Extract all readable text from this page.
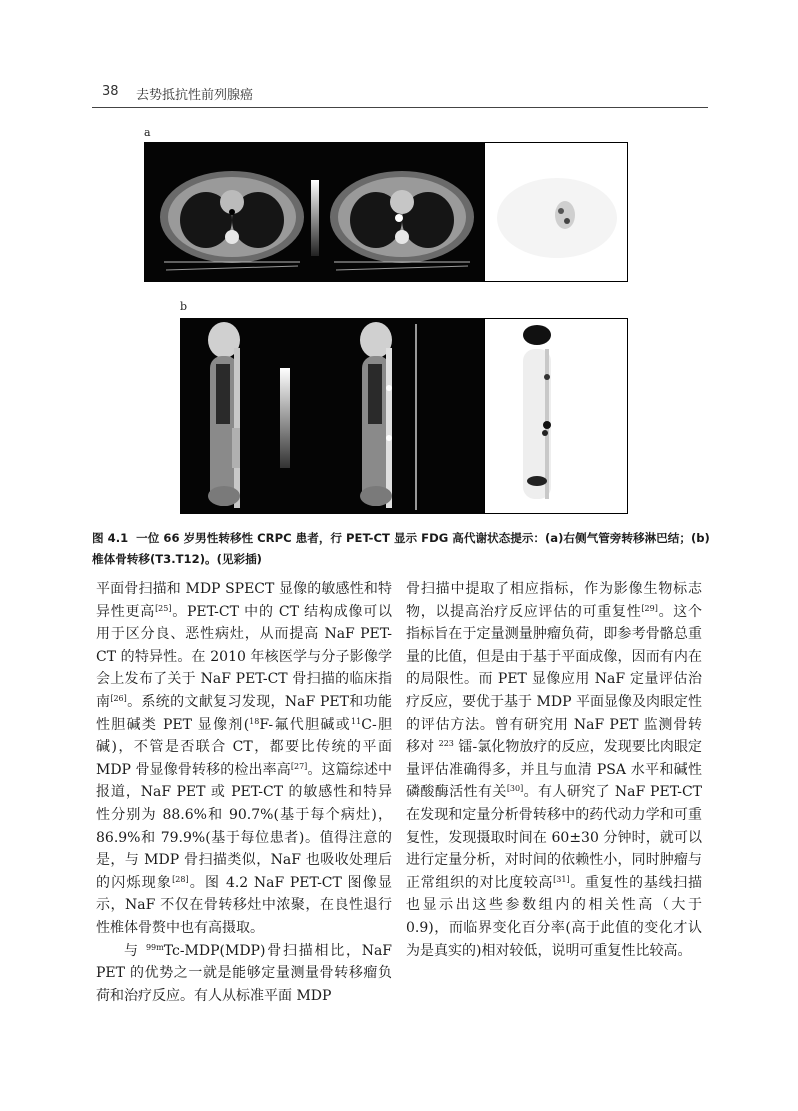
38 去势抵抗性前列腺癌
a
b
图 4.1 一位 66 岁男性转移性 CRPC 患者，行 PET-CT 显示 FDG 高代谢状态提示：(a)右侧气管旁转移淋巴结；(b)椎体骨转移(T3.T12)。(见彩插)

平面骨扫描和 MDP SPECT 显像的敏感性和特异性更高[25]。PET-CT 中的 CT 结构成像可以用于区分良、恶性病灶，从而提高 NaF PET-CT 的特异性。在 2010 年核医学与分子影像学会上发布了关于 NaF PET-CT 骨扫描的临床指南[26]。系统的文献复习发现，NaF PET和功能性胆碱类 PET 显像剂($^{18}$F-氟代胆碱或$^{11}$C-胆碱)，不管是否联合 CT，都要比传统的平面 MDP 骨显像骨转移的检出率高[27]。这篇综述中报道，NaF PET 或 PET-CT 的敏感性和特异性分别为 88.6%和 90.7%(基于每个病灶)，86.9%和 79.9%(基于每位患者)。值得注意的是，与 MDP 骨扫描类似，NaF 也吸收处理后的闪烁现象[28]。图 4.2 NaF PET-CT 图像显示，NaF 不仅在骨转移灶中浓聚，在良性退行性椎体骨赘中也有高摄取。

与 $^{99m}$Tc-MDP(MDP)骨扫描相比，NaF PET 的优势之一就是能够定量测量骨转移瘤负荷和治疗反应。有人从标准平面 MDP

骨扫描中提取了相应指标，作为影像生物标志物，以提高治疗反应评估的可重复性[29]。这个指标旨在于定量测量肿瘤负荷，即参考骨骼总重量的比值，但是由于基于平面成像，因而有内在的局限性。而 PET 显像应用 NaF 定量评估治疗反应，要优于基于 MDP 平面显像及肉眼定性的评估方法。曾有研究用 NaF PET 监测骨转移对 $^{223}$ 镭-氯化物放疗的反应，发现要比肉眼定量评估准确得多，并且与血清 PSA 水平和碱性磷酸酶活性有关[30]。有人研究了 NaF PET-CT 在发现和定量分析骨转移中的药代动力学和可重复性，发现摄取时间在 60±30 分钟时，就可以进行定量分析，对时间的依赖性小，同时肿瘤与正常组织的对比度较高[31]。重复性的基线扫描也显示出这些参数组内的相关性高（大于 0.9)，而临界变化百分率(高于此值的变化才认为是真实的)相对较低，说明可重复性比较高。
